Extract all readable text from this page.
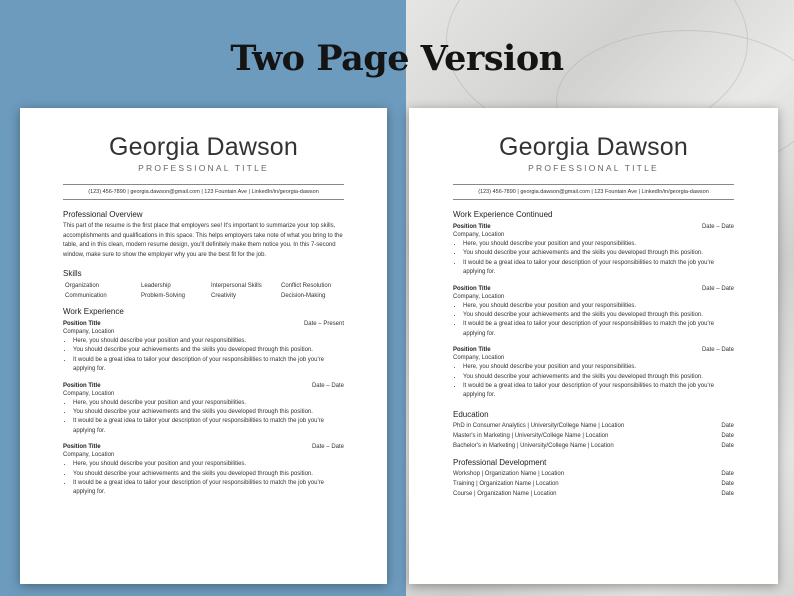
Two Page Version
Georgia Dawson
PROFESSIONAL TITLE
(123) 456-7890 | georgia.dawson@gmail.com | 123 Fountain Ave | LinkedIn/in/georgia-dawson
Professional Overview
This part of the resume is the first place that employers see! It's important to summarize your top skills, accomplishments and qualifications in this space. This helps employers take note of what you bring to the table, and in this clean, modern resume design, you'll definitely make them notice you. In this 7-second window, make sure to show the employer why you are the best fit for the job.
Skills
Organization	Leadership	Interpersonal Skills	Conflict Resolution
Communication	Problem-Solving	Creativity	Decision-Making
Work Experience
Position Title	Date – Present
Company, Location
• Here, you should describe your position and your responsibilities.
• You should describe your achievements and the skills you developed through this position.
• It would be a great idea to tailor your description of your responsibilities to match the job you're applying for.
Position Title	Date – Date
Company, Location
• Here, you should describe your position and your responsibilities.
• You should describe your achievements and the skills you developed through this position.
• It would be a great idea to tailor your description of your responsibilities to match the job you're applying for.
Position Title	Date – Date
Company, Location
• Here, you should describe your position and your responsibilities.
• You should describe your achievements and the skills you developed through this position.
• It would be a great idea to tailor your description of your responsibilities to match the job you're applying for.
Georgia Dawson
PROFESSIONAL TITLE
(123) 456-7890 | georgia.dawson@gmail.com | 123 Fountain Ave | LinkedIn/in/georgia-dawson
Work Experience Continued
Position Title	Date – Date
Company, Location
• Here, you should describe your position and your responsibilities.
• You should describe your achievements and the skills you developed through this position.
• It would be a great idea to tailor your description of your responsibilities to match the job you're applying for.
Position Title	Date – Date
Company, Location
• Here, you should describe your position and your responsibilities.
• You should describe your achievements and the skills you developed through this position.
• It would be a great idea to tailor your description of your responsibilities to match the job you're applying for.
Position Title	Date – Date
Company, Location
• Here, you should describe your position and your responsibilities.
• You should describe your achievements and the skills you developed through this position.
• It would be a great idea to tailor your description of your responsibilities to match the job you're applying for.
Education
PhD in Consumer Analytics | University/College Name | Location	Date
Master's in Marketing | University/College Name | Location	Date
Bachelor's in Marketing | University/College Name | Location	Date
Professional Development
Workshop | Organization Name | Location	Date
Training | Organization Name | Location	Date
Course | Organization Name | Location	Date
